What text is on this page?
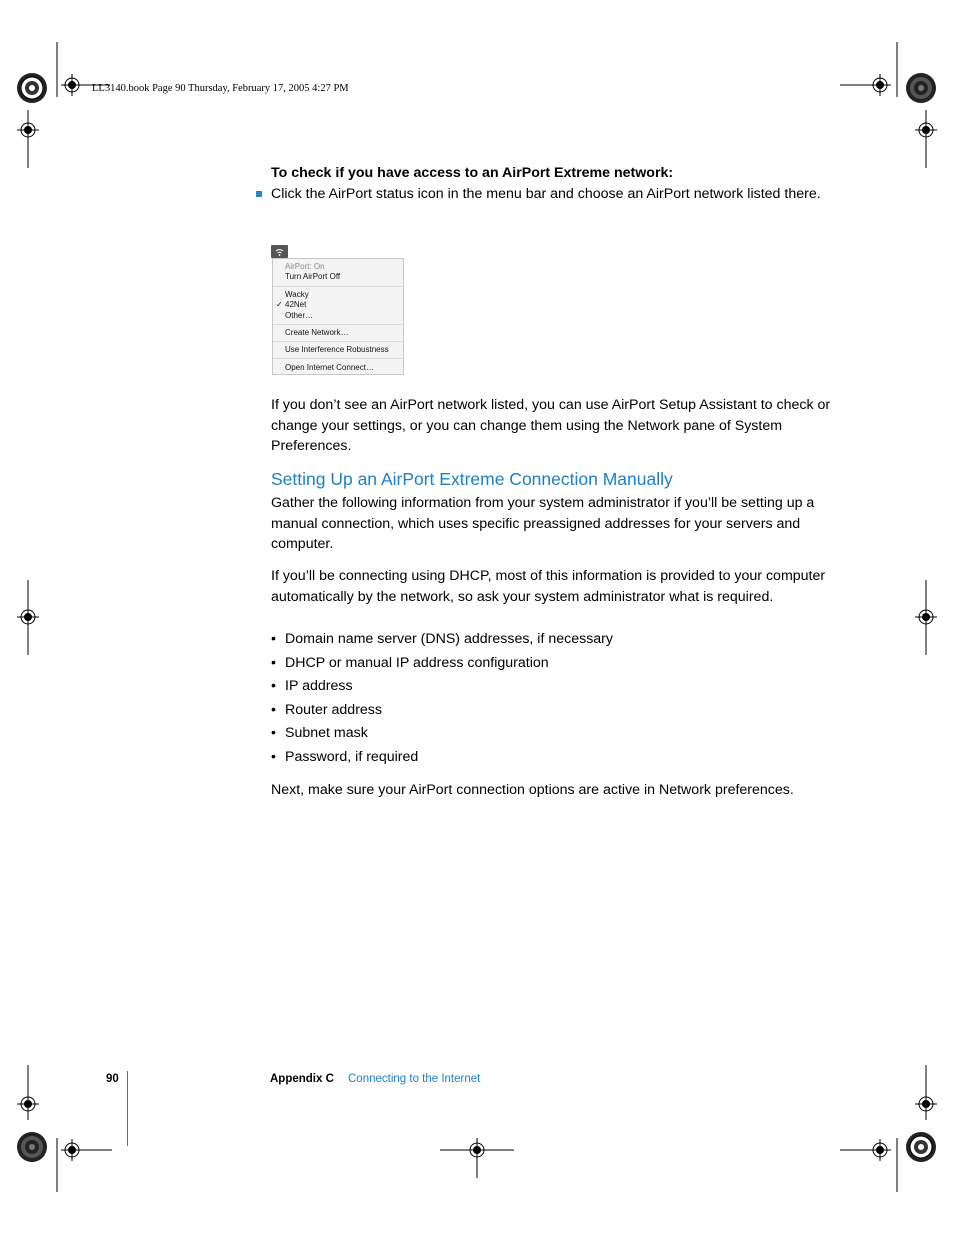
LL3140.book Page 90 Thursday, February 17, 2005 4:27 PM
To check if you have access to an AirPort Extreme network:
Click the AirPort status icon in the menu bar and choose an AirPort network listed there.
AirPort: On
Turn AirPort Off
Wacky
✓ 42Net
Other…
Create Network…
Use Interference Robustness
Open Internet Connect…
If you don’t see an AirPort network listed, you can use AirPort Setup Assistant to check or change your settings, or you can change them using the Network pane of System Preferences.
Setting Up an AirPort Extreme Connection Manually
Gather the following information from your system administrator if you’ll be setting up a manual connection, which uses specific preassigned addresses for your servers and computer.
If you’ll be connecting using DHCP, most of this information is provided to your computer automatically by the network, so ask your system administrator what is required.
• Domain name server (DNS) addresses, if necessary
• DHCP or manual IP address configuration
• IP address
• Router address
• Subnet mask
• Password, if required
Next, make sure your AirPort connection options are active in Network preferences.
90	Appendix C Connecting to the Internet
